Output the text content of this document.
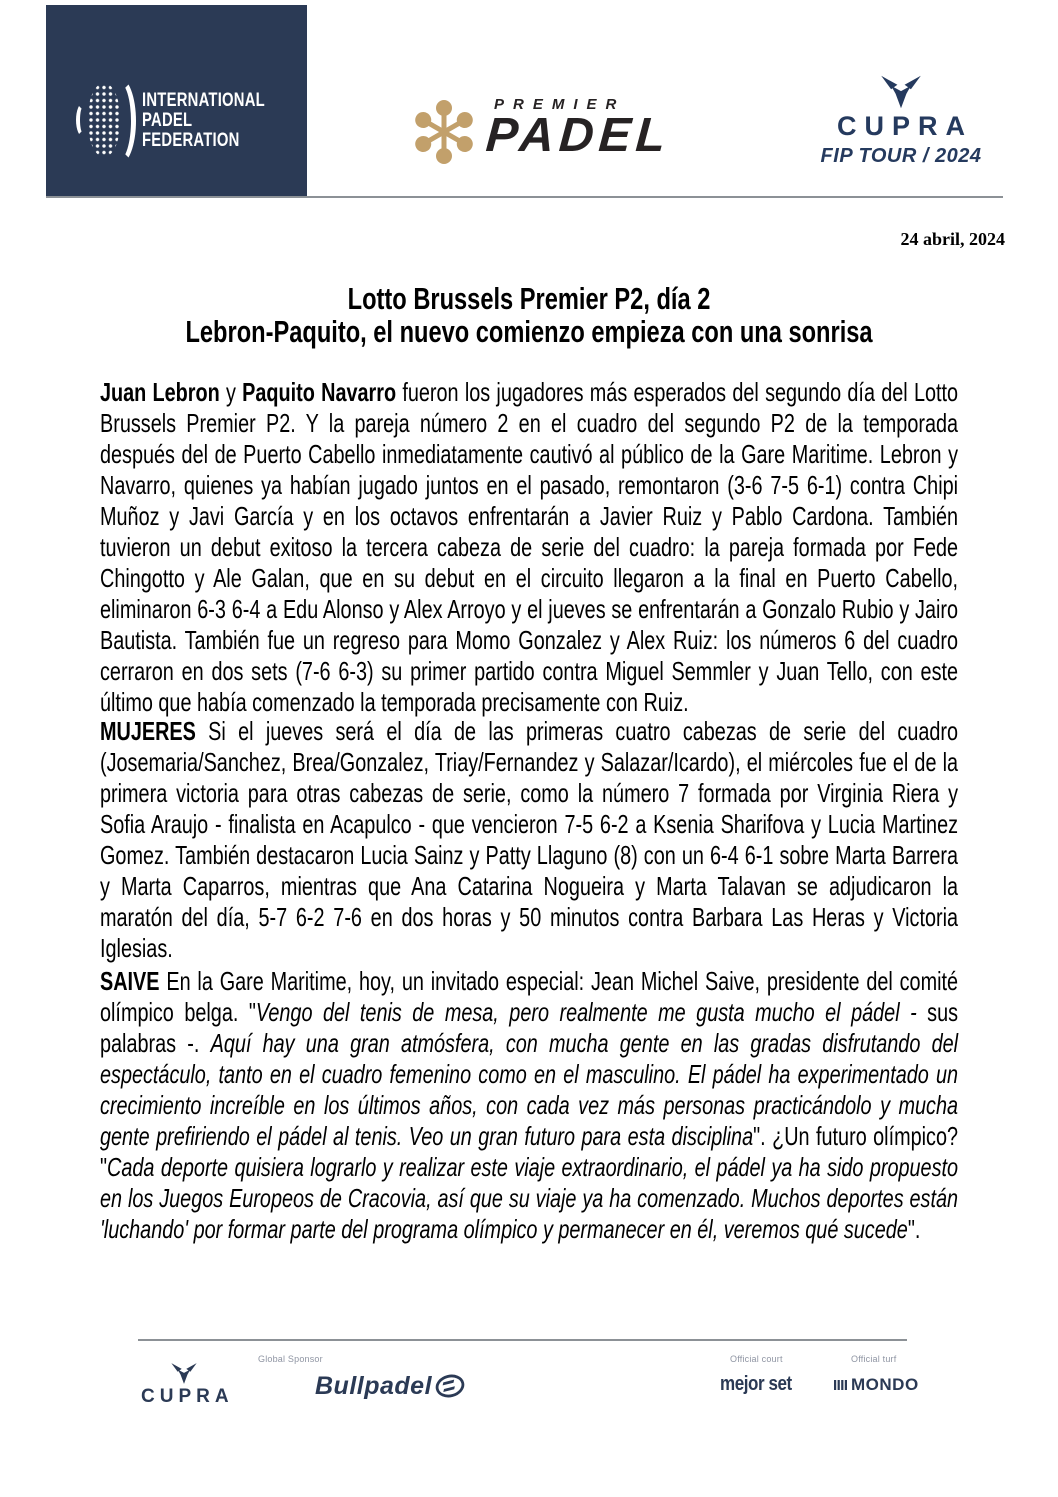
INTERNATIONAL
PADEL
FEDERATION
PREMIER
PADEL	CUPRA
FIP TOUR / 2024
24 abril, 2024
Lotto Brussels Premier P2, día 2
Lebron-Paquito, el nuevo comienzo empieza con una sonrisa
Juan Lebron y Paquito Navarro fueron los jugadores más esperados del segundo día del Lotto Brussels Premier P2. Y la pareja número 2 en el cuadro del segundo P2 de la temporada después del de Puerto Cabello inmediatamente cautivó al público de la Gare Maritime. Lebron y Navarro, quienes ya habían jugado juntos en el pasado, remontaron (3-6 7-5 6-1) contra Chipi Muñoz y Javi García y en los octavos enfrentarán a Javier Ruiz y Pablo Cardona. También tuvieron un debut exitoso la tercera cabeza de serie del cuadro: la pareja formada por Fede Chingotto y Ale Galan, que en su debut en el circuito llegaron a la final en Puerto Cabello, eliminaron 6-3 6-4 a Edu Alonso y Alex Arroyo y el jueves se enfrentarán a Gonzalo Rubio y Jairo Bautista. También fue un regreso para Momo Gonzalez y Alex Ruiz: los números 6 del cuadro cerraron en dos sets (7-6 6-3) su primer partido contra Miguel Semmler y Juan Tello, con este último que había comenzado la temporada precisamente con Ruiz.
MUJERES Si el jueves será el día de las primeras cuatro cabezas de serie del cuadro (Josemaria/Sanchez, Brea/Gonzalez, Triay/Fernandez y Salazar/Icardo), el miércoles fue el de la primera victoria para otras cabezas de serie, como la número 7 formada por Virginia Riera y Sofia Araujo - finalista en Acapulco - que vencieron 7-5 6-2 a Ksenia Sharifova y Lucia Martinez Gomez. También destacaron Lucia Sainz y Patty Llaguno (8) con un 6-4 6-1 sobre Marta Barrera y Marta Caparros, mientras que Ana Catarina Nogueira y Marta Talavan se adjudicaron la maratón del día, 5-7 6-2 7-6 en dos horas y 50 minutos contra Barbara Las Heras y Victoria Iglesias.
SAIVE En la Gare Maritime, hoy, un invitado especial: Jean Michel Saive, presidente del comité olímpico belga. "Vengo del tenis de mesa, pero realmente me gusta mucho el pádel - sus palabras -. Aquí hay una gran atmósfera, con mucha gente en las gradas disfrutando del espectáculo, tanto en el cuadro femenino como en el masculino. El pádel ha experimentado un crecimiento increíble en los últimos años, con cada vez más personas practicándolo y mucha gente prefiriendo el pádel al tenis. Veo un gran futuro para esta disciplina". ¿Un futuro olímpico? "Cada deporte quisiera lograrlo y realizar este viaje extraordinario, el pádel ya ha sido propuesto en los Juegos Europeos de Cracovia, así que su viaje ya ha comenzado. Muchos deportes están 'luchando' por formar parte del programa olímpico y permanecer en él, veremos qué sucede".
CUPRA
Global Sponsor
Bullpadel
Official court
mejor set
Official turf
MONDO
